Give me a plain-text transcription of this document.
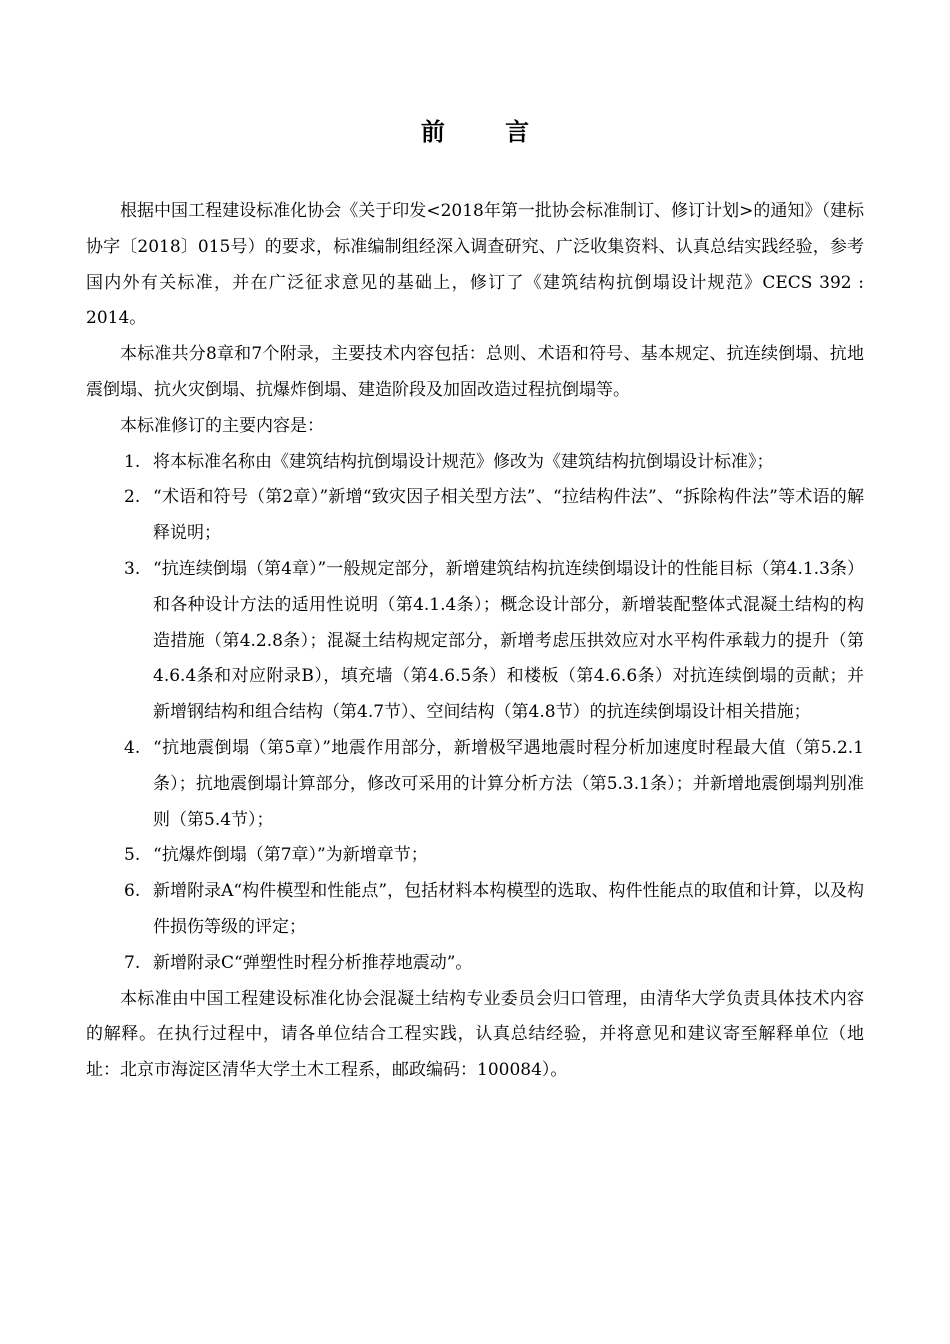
前 言

根据中国工程建设标准化协会《关于印发<2018年第一批协会标准制订、修订计划>的通知》（建标协字〔2018〕015号）的要求，标准编制组经深入调查研究、广泛收集资料、认真总结实践经验，参考国内外有关标准，并在广泛征求意见的基础上，修订了《建筑结构抗倒塌设计规范》CECS 392 : 2014。

本标准共分8章和7个附录，主要技术内容包括：总则、术语和符号、基本规定、抗连续倒塌、抗地震倒塌、抗火灾倒塌、抗爆炸倒塌、建造阶段及加固改造过程抗倒塌等。

本标准修订的主要内容是：

1. 将本标准名称由《建筑结构抗倒塌设计规范》修改为《建筑结构抗倒塌设计标准》；
2. “术语和符号（第2章）”新增“致灾因子相关型方法”、“拉结构件法”、“拆除构件法”等术语的解释说明；
3. “抗连续倒塌（第4章）”一般规定部分，新增建筑结构抗连续倒塌设计的性能目标（第4.1.3条）和各种设计方法的适用性说明（第4.1.4条）；概念设计部分，新增装配整体式混凝土结构的构造措施（第4.2.8条）；混凝土结构规定部分，新增考虑压拱效应对水平构件承载力的提升（第4.6.4条和对应附录B），填充墙（第4.6.5条）和楼板（第4.6.6条）对抗连续倒塌的贡献；并新增钢结构和组合结构（第4.7节）、空间结构（第4.8节）的抗连续倒塌设计相关措施；
4. “抗地震倒塌（第5章）”地震作用部分，新增极罕遇地震时程分析加速度时程最大值（第5.2.1条）；抗地震倒塌计算部分，修改可采用的计算分析方法（第5.3.1条）；并新增地震倒塌判别准则（第5.4节）；
5. “抗爆炸倒塌（第7章）”为新增章节；
6. 新增附录A“构件模型和性能点”，包括材料本构模型的选取、构件性能点的取值和计算，以及构件损伤等级的评定；
7. 新增附录C“弹塑性时程分析推荐地震动”。

本标准由中国工程建设标准化协会混凝土结构专业委员会归口管理，由清华大学负责具体技术内容的解释。在执行过程中，请各单位结合工程实践，认真总结经验，并将意见和建议寄至解释单位（地址：北京市海淀区清华大学土木工程系，邮政编码：100084）。
